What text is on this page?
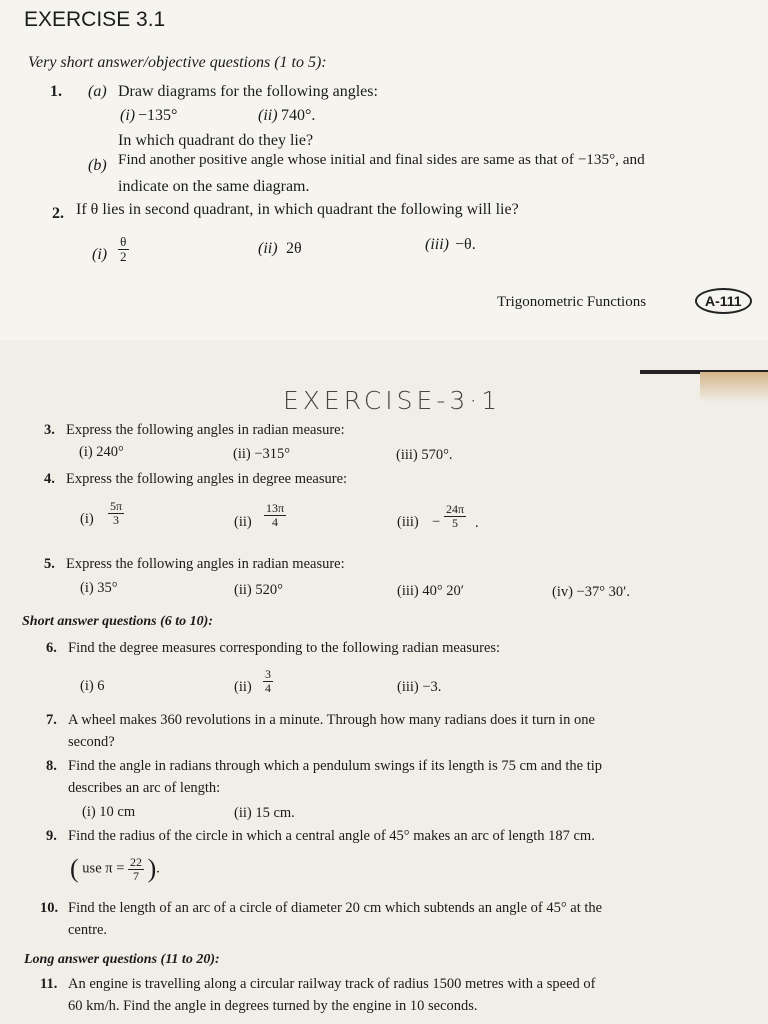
EXERCISE 3.1
Very short answer/objective questions (1 to 5):
1. (a) Draw diagrams for the following angles:
(i) −135°	(ii) 740°.
In which quadrant do they lie?
(b) Find another positive angle whose initial and final sides are same as that of −135°, and
indicate on the same diagram.
2. If θ lies in second quadrant, in which quadrant the following will lie?
$(i) \frac{\theta}{2}$	(ii) 2θ	(iii) −θ.
Trigonometric Functions	A-111
EXERCISE-3·1
3. Express the following angles in radian measure:
(i) 240°	(ii) −315°	(iii) 570°.
4. Express the following angles in degree measure:
$(i) \frac{5\pi}{3}$	$(ii) \frac{13\pi}{4}$	$(iii) - \frac{24\pi}{5}$ .
5. Express the following angles in radian measure:
(i) 35°	(ii) 520°	(iii) 40° 20′	(iv) −37° 30′.
Short answer questions (6 to 10):
6. Find the degree measures corresponding to the following radian measures:
(i) 6	$(ii) \frac{3}{4}$	(iii) −3.
7. A wheel makes 360 revolutions in a minute. Through how many radians does it turn in one
second?
8. Find the angle in radians through which a pendulum swings if its length is 75 cm and the tip
describes an arc of length:
(i) 10 cm	(ii) 15 cm.
9. Find the radius of the circle in which a central angle of 45° makes an arc of length 187 cm.
( use $\pi = \frac{22}{7}$ ).
10. Find the length of an arc of a circle of diameter 20 cm which subtends an angle of 45° at the
centre.
Long answer questions (11 to 20):
11. An engine is travelling along a circular railway track of radius 1500 metres with a speed of
60 km/h. Find the angle in degrees turned by the engine in 10 seconds.
